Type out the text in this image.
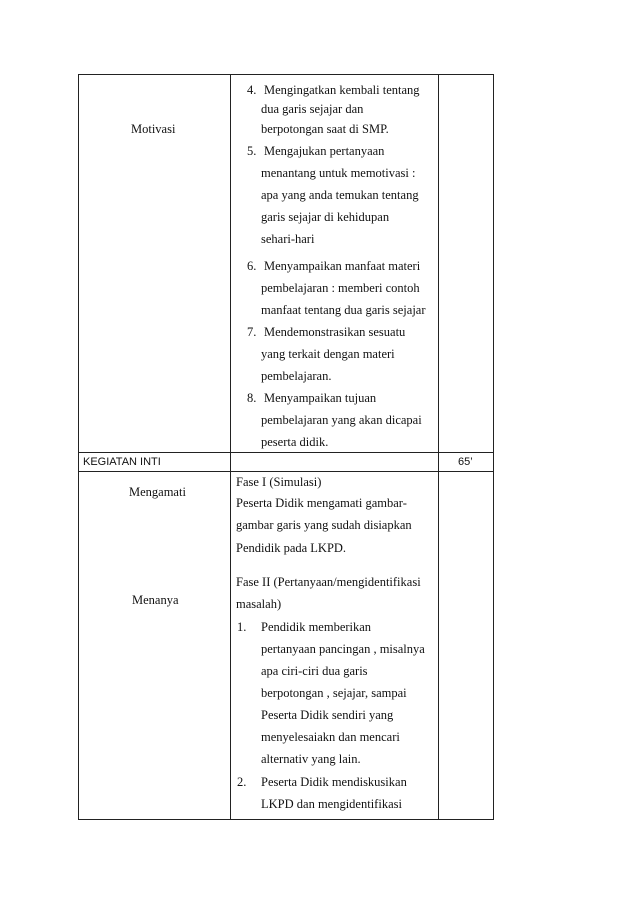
Motivasi
4. Mengingatkan kembali tentang
dua garis sejajar dan
berpotongan saat di SMP.
5. Mengajukan pertanyaan
menantang untuk memotivasi :
apa yang anda temukan tentang
garis sejajar di kehidupan
sehari-hari
6. Menyampaikan manfaat materi
pembelajaran : memberi contoh
manfaat tentang dua garis sejajar
7. Mendemonstrasikan sesuatu
yang terkait dengan materi
pembelajaran.
8. Menyampaikan tujuan
pembelajaran yang akan dicapai
peserta didik.
KEGIATAN INTI	65’
Mengamati
Fase I (Simulasi)
Peserta Didik mengamati gambar-
gambar garis yang sudah disiapkan
Pendidik pada LKPD.
Menanya
Fase II (Pertanyaan/mengidentifikasi
masalah)
1. Pendidik memberikan
pertanyaan pancingan , misalnya
apa ciri-ciri dua garis
berpotongan , sejajar, sampai
Peserta Didik sendiri yang
menyelesaiakn dan mencari
alternativ yang lain.
2. Peserta Didik mendiskusikan
LKPD dan mengidentifikasi
